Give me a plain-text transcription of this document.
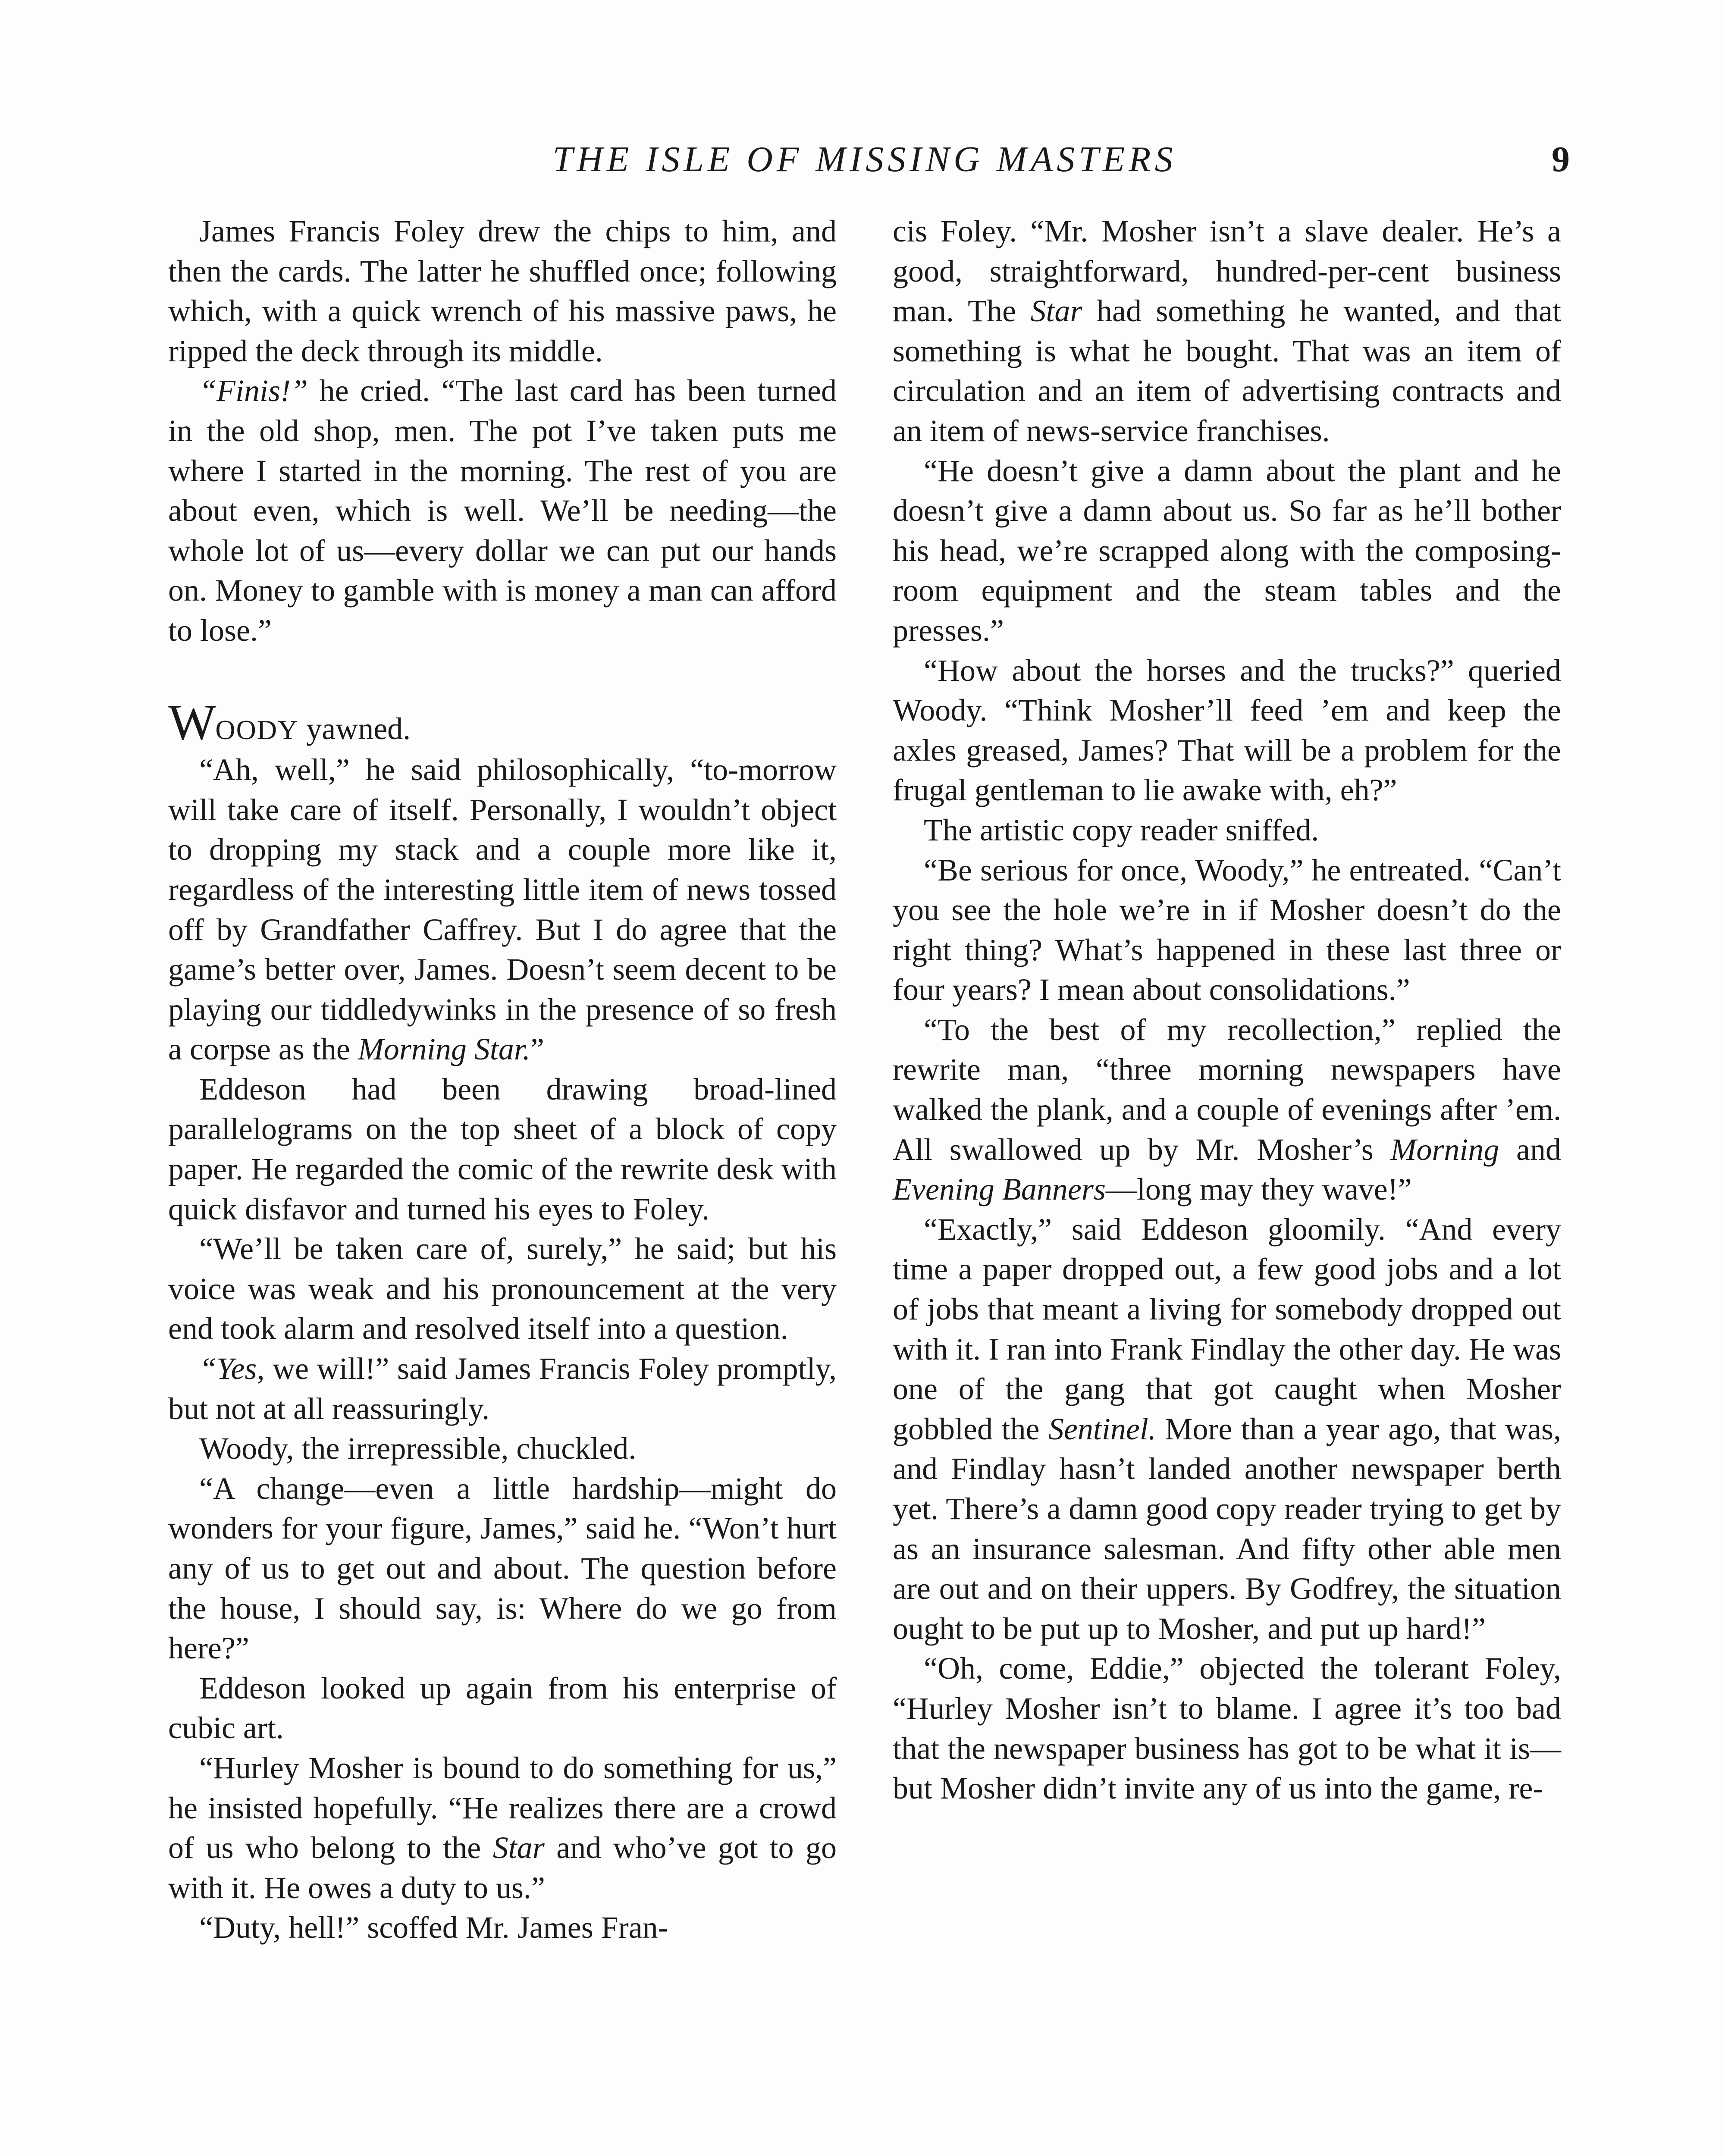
THE ISLE OF MISSING MASTERS	9

James Francis Foley drew the chips to him, and then the cards. The latter he shuffled once; following which, with a quick wrench of his massive paws, he ripped the deck through its middle.

“Finis!” he cried. “The last card has been turned in the old shop, men. The pot I’ve taken puts me where I started in the morning. The rest of you are about even, which is well. We’ll be needing—the whole lot of us—every dollar we can put our hands on. Money to gamble with is money a man can afford to lose.”

WOODY yawned.

“Ah, well,” he said philosophically, “to-morrow will take care of itself. Personally, I wouldn’t object to dropping my stack and a couple more like it, regardless of the interesting little item of news tossed off by Grandfather Caffrey. But I do agree that the game’s better over, James. Doesn’t seem decent to be playing our tiddledywinks in the presence of so fresh a corpse as the Morning Star.”

Eddeson had been drawing broad-lined parallelograms on the top sheet of a block of copy paper. He regarded the comic of the rewrite desk with quick disfavor and turned his eyes to Foley.

“We’ll be taken care of, surely,” he said; but his voice was weak and his pronouncement at the very end took alarm and resolved itself into a question.

“Yes, we will!” said James Francis Foley promptly, but not at all reassuringly.

Woody, the irrepressible, chuckled.

“A change—even a little hardship—might do wonders for your figure, James,” said he. “Won’t hurt any of us to get out and about. The question before the house, I should say, is: Where do we go from here?”

Eddeson looked up again from his enterprise of cubic art.

“Hurley Mosher is bound to do something for us,” he insisted hopefully. “He realizes there are a crowd of us who belong to the Star and who’ve got to go with it. He owes a duty to us.”

“Duty, hell!” scoffed Mr. James Fran-

cis Foley. “Mr. Mosher isn’t a slave dealer. He’s a good, straightforward, hundred-per-cent business man. The Star had something he wanted, and that something is what he bought. That was an item of circulation and an item of advertising contracts and an item of news-service franchises.

“He doesn’t give a damn about the plant and he doesn’t give a damn about us. So far as he’ll bother his head, we’re scrapped along with the composing-room equipment and the steam tables and the presses.”

“How about the horses and the trucks?” queried Woody. “Think Mosher’ll feed ’em and keep the axles greased, James? That will be a problem for the frugal gentleman to lie awake with, eh?”

The artistic copy reader sniffed.

“Be serious for once, Woody,” he entreated. “Can’t you see the hole we’re in if Mosher doesn’t do the right thing? What’s happened in these last three or four years? I mean about consolidations.”

“To the best of my recollection,” replied the rewrite man, “three morning newspapers have walked the plank, and a couple of evenings after ’em. All swallowed up by Mr. Mosher’s Morning and Evening Banners—long may they wave!”

“Exactly,” said Eddeson gloomily. “And every time a paper dropped out, a few good jobs and a lot of jobs that meant a living for somebody dropped out with it. I ran into Frank Findlay the other day. He was one of the gang that got caught when Mosher gobbled the Sentinel. More than a year ago, that was, and Findlay hasn’t landed another newspaper berth yet. There’s a damn good copy reader trying to get by as an insurance salesman. And fifty other able men are out and on their uppers. By Godfrey, the situation ought to be put up to Mosher, and put up hard!”

“Oh, come, Eddie,” objected the tolerant Foley, “Hurley Mosher isn’t to blame. I agree it’s too bad that the newspaper business has got to be what it is—but Mosher didn’t invite any of us into the game, re-
